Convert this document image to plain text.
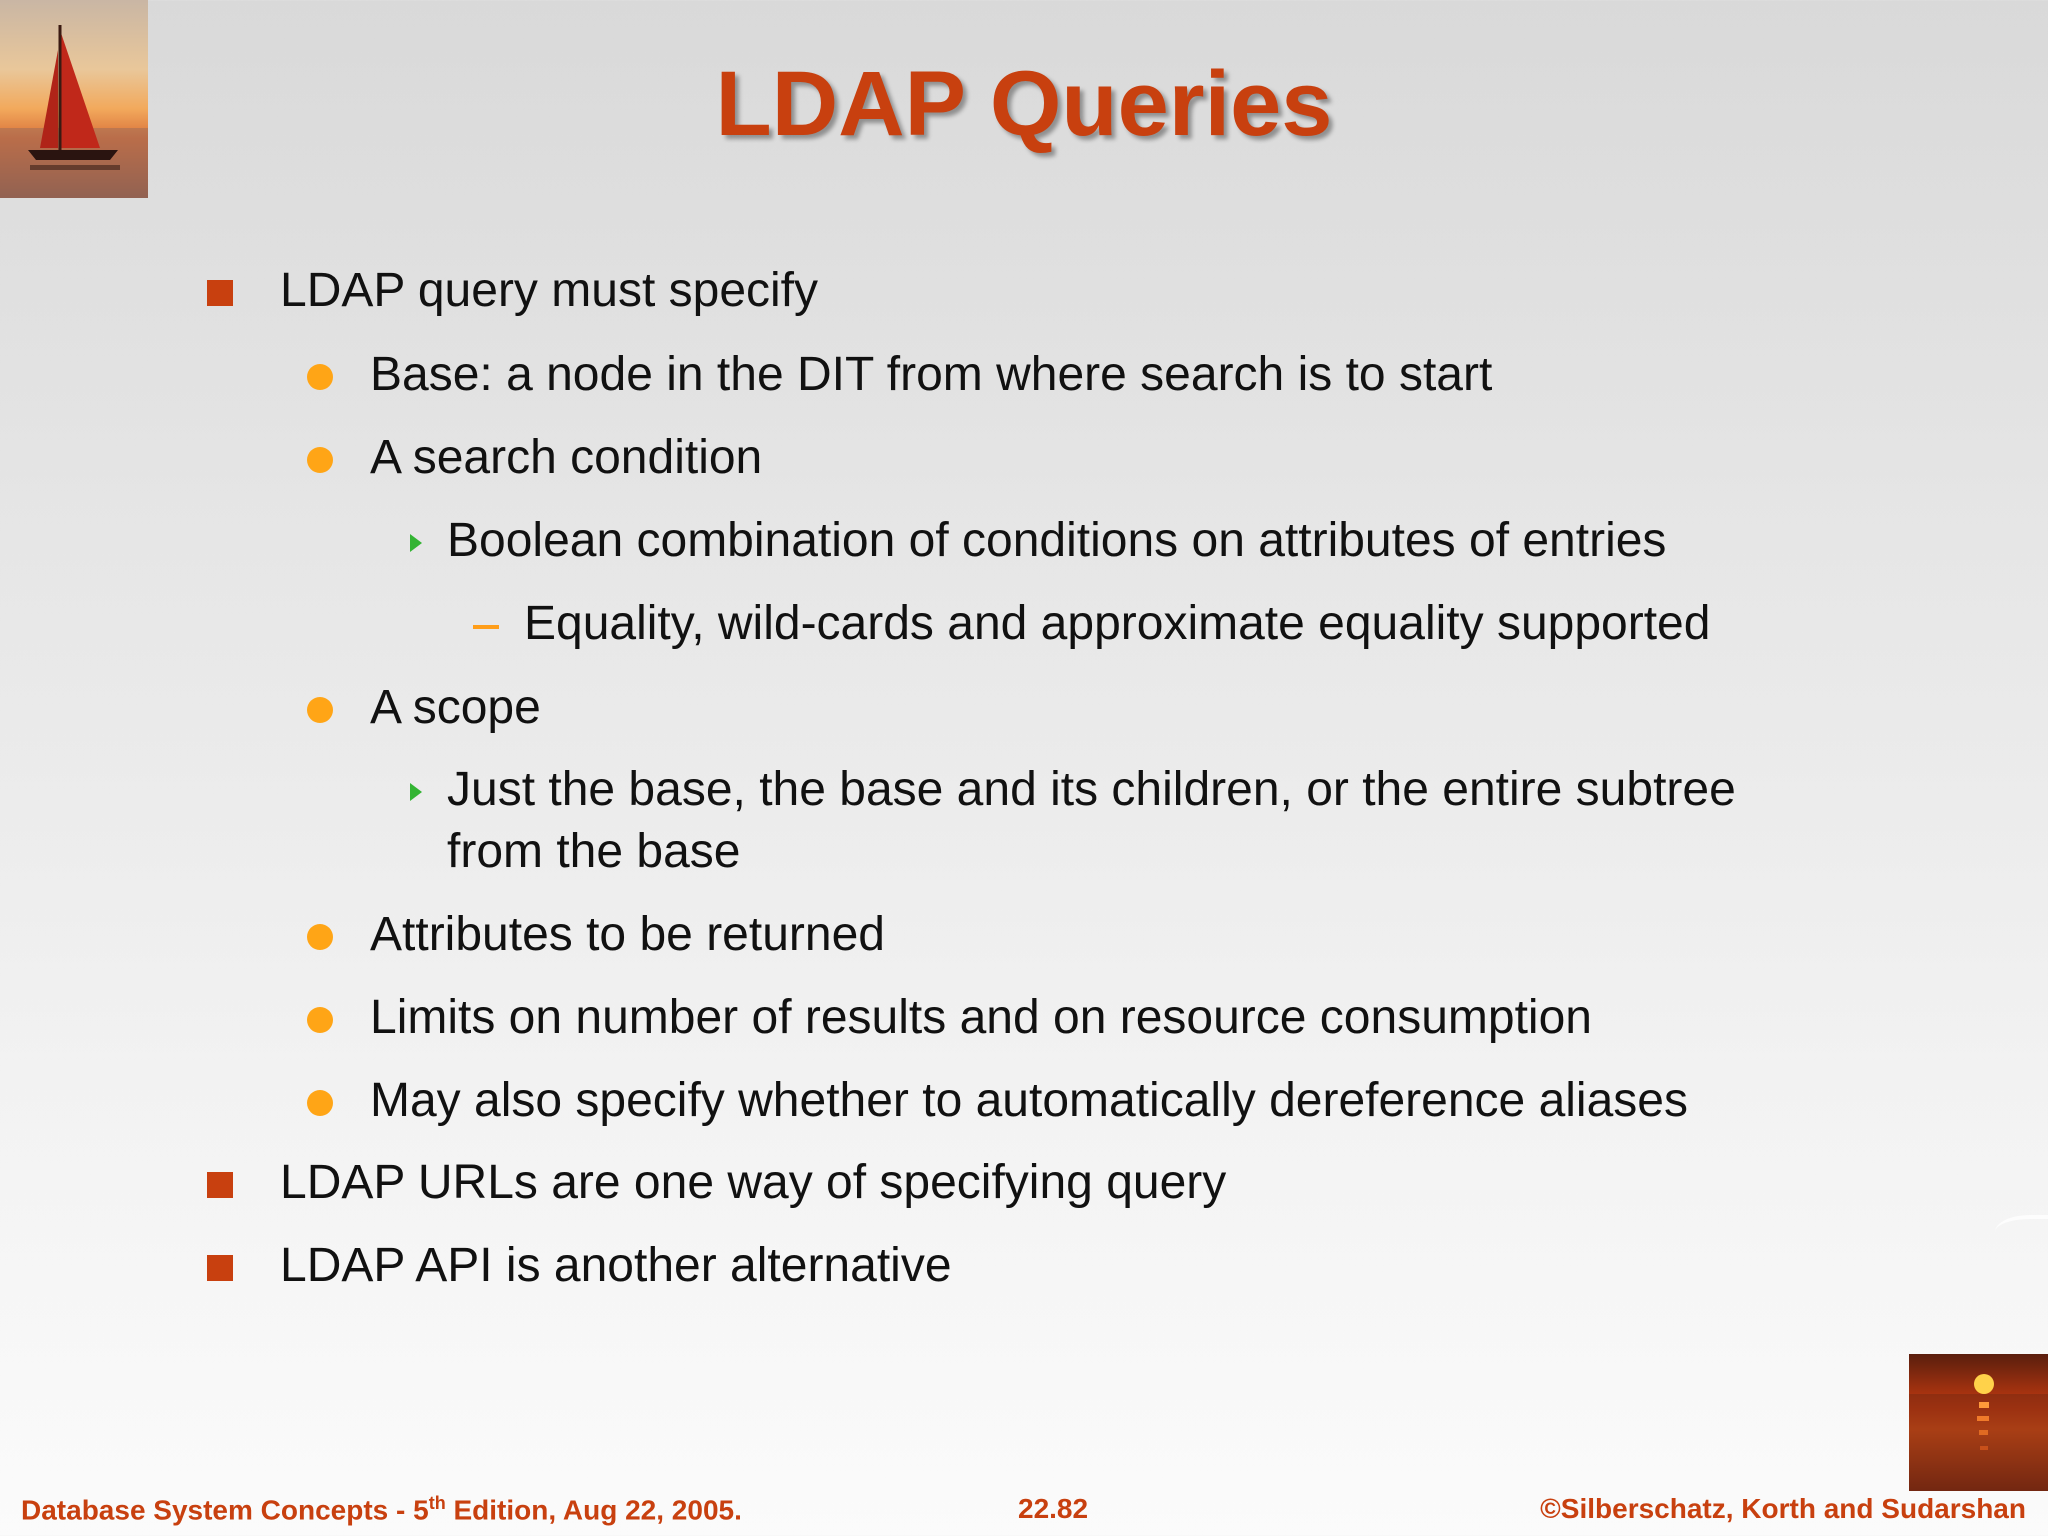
LDAP Queries
LDAP query must specify
Base: a node in the DIT from where search is to start
A search condition
Boolean combination of conditions on attributes of entries
Equality, wild-cards and approximate equality supported
A scope
Just the base, the base and its children, or the entire subtree
from the base
Attributes to be returned
Limits on number of results and on resource consumption
May also specify whether to automatically dereference aliases
LDAP URLs are one way of specifying query
LDAP API is another alternative
Database System Concepts - 5th Edition, Aug 22, 2005.	22.82	©Silberschatz, Korth and Sudarshan
